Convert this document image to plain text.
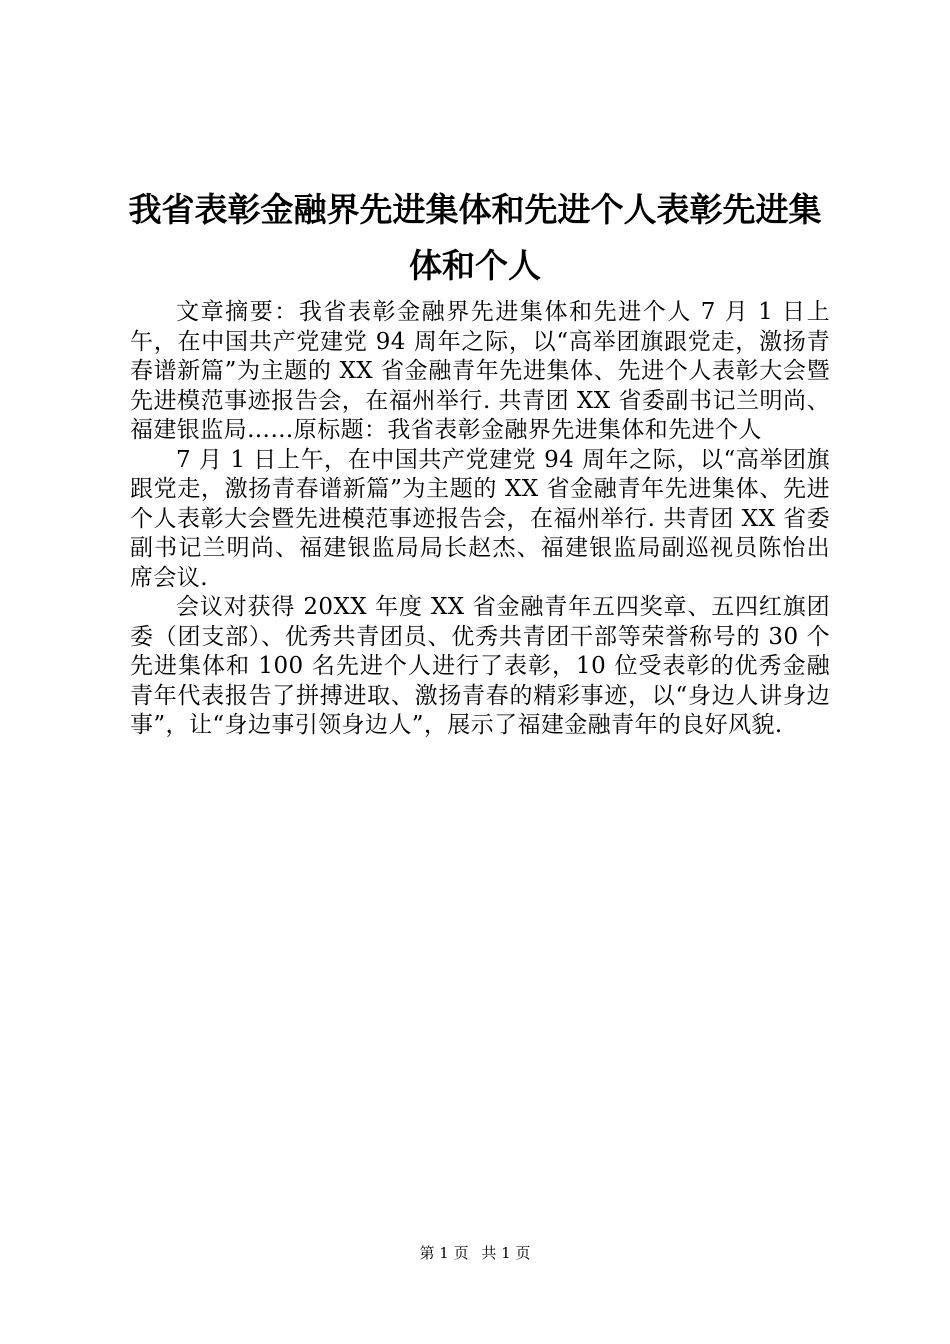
我省表彰金融界先进集体和先进个人表彰先进集体和个人

文章摘要：我省表彰金融界先进集体和先进个人 7 月 1 日上午，在中国共产党建党 94 周年之际，以“高举团旗跟党走，激扬青春谱新篇”为主题的 XX 省金融青年先进集体、先进个人表彰大会暨先进模范事迹报告会，在福州举行. 共青团 XX 省委副书记兰明尚、福建银监局……原标题：我省表彰金融界先进集体和先进个人

7 月 1 日上午，在中国共产党建党 94 周年之际，以“高举团旗跟党走，激扬青春谱新篇”为主题的 XX 省金融青年先进集体、先进个人表彰大会暨先进模范事迹报告会，在福州举行. 共青团 XX 省委副书记兰明尚、福建银监局局长赵杰、福建银监局副巡视员陈怡出席会议.

会议对获得 20XX 年度 XX 省金融青年五四奖章、五四红旗团委（团支部）、优秀共青团员、优秀共青团干部等荣誉称号的 30 个先进集体和 100 名先进个人进行了表彰，10 位受表彰的优秀金融青年代表报告了拼搏进取、激扬青春的精彩事迹，以“身边人讲身边事”，让“身边事引领身边人”，展示了福建金融青年的良好风貌.

第 1 页 共 1 页
